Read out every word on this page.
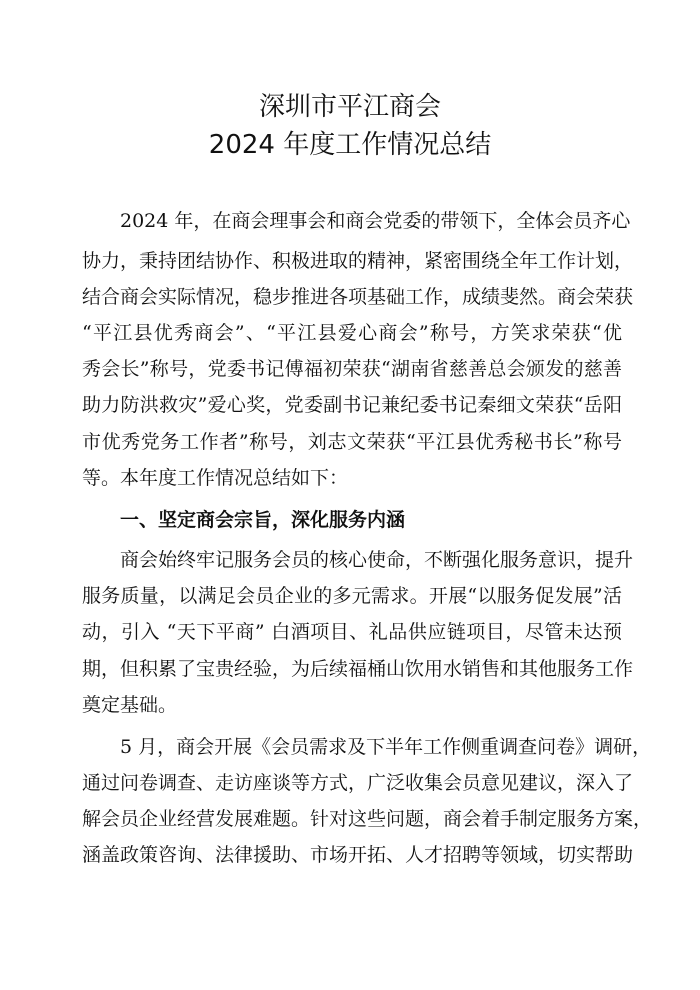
深圳市平江商会
2024 年度工作情况总结
2024 年，在商会理事会和商会党委的带领下，全体会员齐心
协力，秉持团结协作、积极进取的精神，紧密围绕全年工作计划，
结合商会实际情况，稳步推进各项基础工作，成绩斐然。商会荣获
“平江县优秀商会”、“平江县爱心商会”称号，方笑求荣获“优
秀会长”称号，党委书记傅福初荣获“湖南省慈善总会颁发的慈善
助力防洪救灾”爱心奖，党委副书记兼纪委书记秦细文荣获“岳阳
市优秀党务工作者”称号，刘志文荣获“平江县优秀秘书长”称号
等。本年度工作情况总结如下：
一、坚定商会宗旨，深化服务内涵
商会始终牢记服务会员的核心使命，不断强化服务意识，提升
服务质量，以满足会员企业的多元需求。开展“以服务促发展”活
动，引入 “天下平商” 白酒项目、礼品供应链项目，尽管未达预
期，但积累了宝贵经验，为后续福桶山饮用水销售和其他服务工作
奠定基础。
5 月，商会开展《会员需求及下半年工作侧重调查问卷》调研，
通过问卷调查、走访座谈等方式，广泛收集会员意见建议，深入了
解会员企业经营发展难题。针对这些问题，商会着手制定服务方案，
涵盖政策咨询、法律援助、市场开拓、人才招聘等领域，切实帮助
